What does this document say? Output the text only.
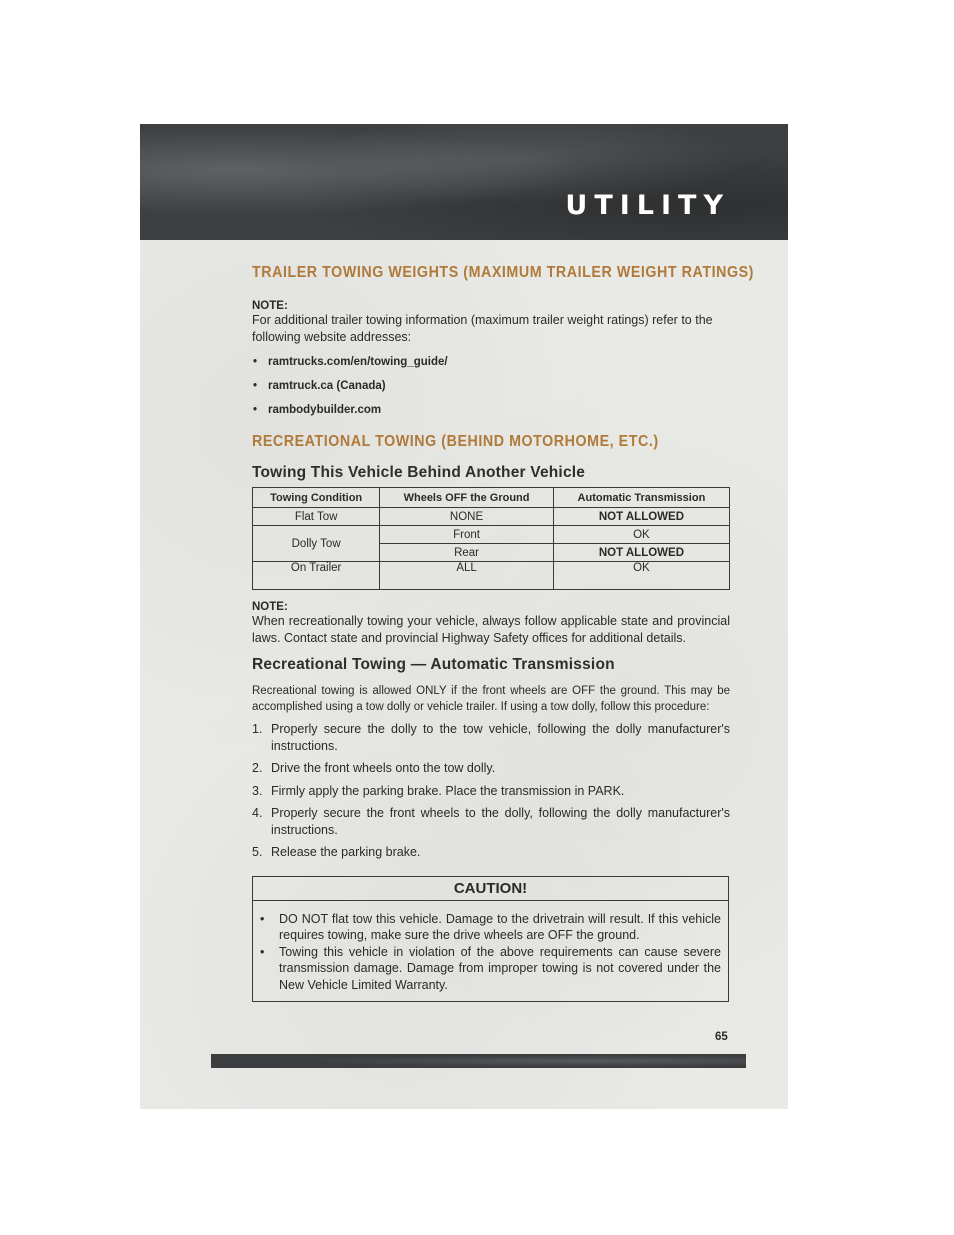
UTILITY
TRAILER TOWING WEIGHTS (MAXIMUM TRAILER WEIGHT RATINGS)
NOTE:

For additional trailer towing information (maximum trailer weight ratings) refer to the following website addresses:

• ramtrucks.com/en/towing_guide/
• ramtruck.ca (Canada)
• rambodybuilder.com
RECREATIONAL TOWING (BEHIND MOTORHOME, ETC.)
Towing This Vehicle Behind Another Vehicle
Towing Condition	Wheels OFF the Ground	Automatic Transmission
Flat Tow	NONE	NOT ALLOWED
Dolly Tow	Front	OK
	Rear	NOT ALLOWED
On Trailer	ALL	OK
NOTE:

When recreationally towing your vehicle, always follow applicable state and provincial laws. Contact state and provincial Highway Safety offices for additional details.

Recreational Towing — Automatic Transmission

Recreational towing is allowed ONLY if the front wheels are OFF the ground. This may be accomplished using a tow dolly or vehicle trailer. If using a tow dolly, follow this procedure:

1. Properly secure the dolly to the tow vehicle, following the dolly manufacturer's instructions.
2. Drive the front wheels onto the tow dolly.
3. Firmly apply the parking brake. Place the transmission in PARK.
4. Properly secure the front wheels to the dolly, following the dolly manufacturer's instructions.
5. Release the parking brake.
CAUTION!
• DO NOT flat tow this vehicle. Damage to the drivetrain will result. If this vehicle requires towing, make sure the drive wheels are OFF the ground.
• Towing this vehicle in violation of the above requirements can cause severe transmission damage. Damage from improper towing is not covered under the New Vehicle Limited Warranty.
65
